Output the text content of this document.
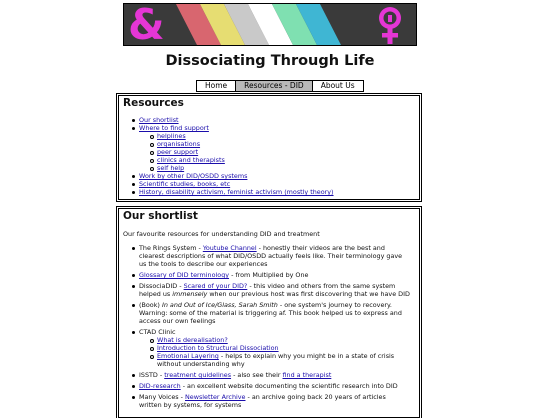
&
Dissociating Through Life
Home	Resources - DID	About Us
Resources
Our shortlist
Where to find support
helplines
organisations
peer support
clinics and therapists
self help
Work by other DID/OSDD systems
Scientific studies, books, etc
History, disability activism, feminist activism (mostly theory)
Our shortlist

Our favourite resources for understanding DID and treatment

The Rings System - Youtube Channel - honestly their videos are the best and clearest descriptions of what DID/OSDD actually feels like. Their terminology gave us the tools to describe our experiences
Glossary of DID terminology - from Multiplied by One
DissociaDID - Scared of your DID? - this video and others from the same system helped us immensely when our previous host was first discovering that we have DID
(Book) In and Out of Ice/Glass, Sarah Smith - one system's journey to recovery. Warning: some of the material is triggering af. This book helped us to express and access our own feelings
CTAD Clinic
What is derealisation?
Introduction to Structural Dissociation
Emotional Layering - helps to explain why you might be in a state of crisis without understanding why
ISSTD - treatment guidelines - also see their find a therapist
DID-research - an excellent website documenting the scientific research into DID
Many Voices - Newsletter Archive - an archive going back 20 years of articles written by systems, for systems
